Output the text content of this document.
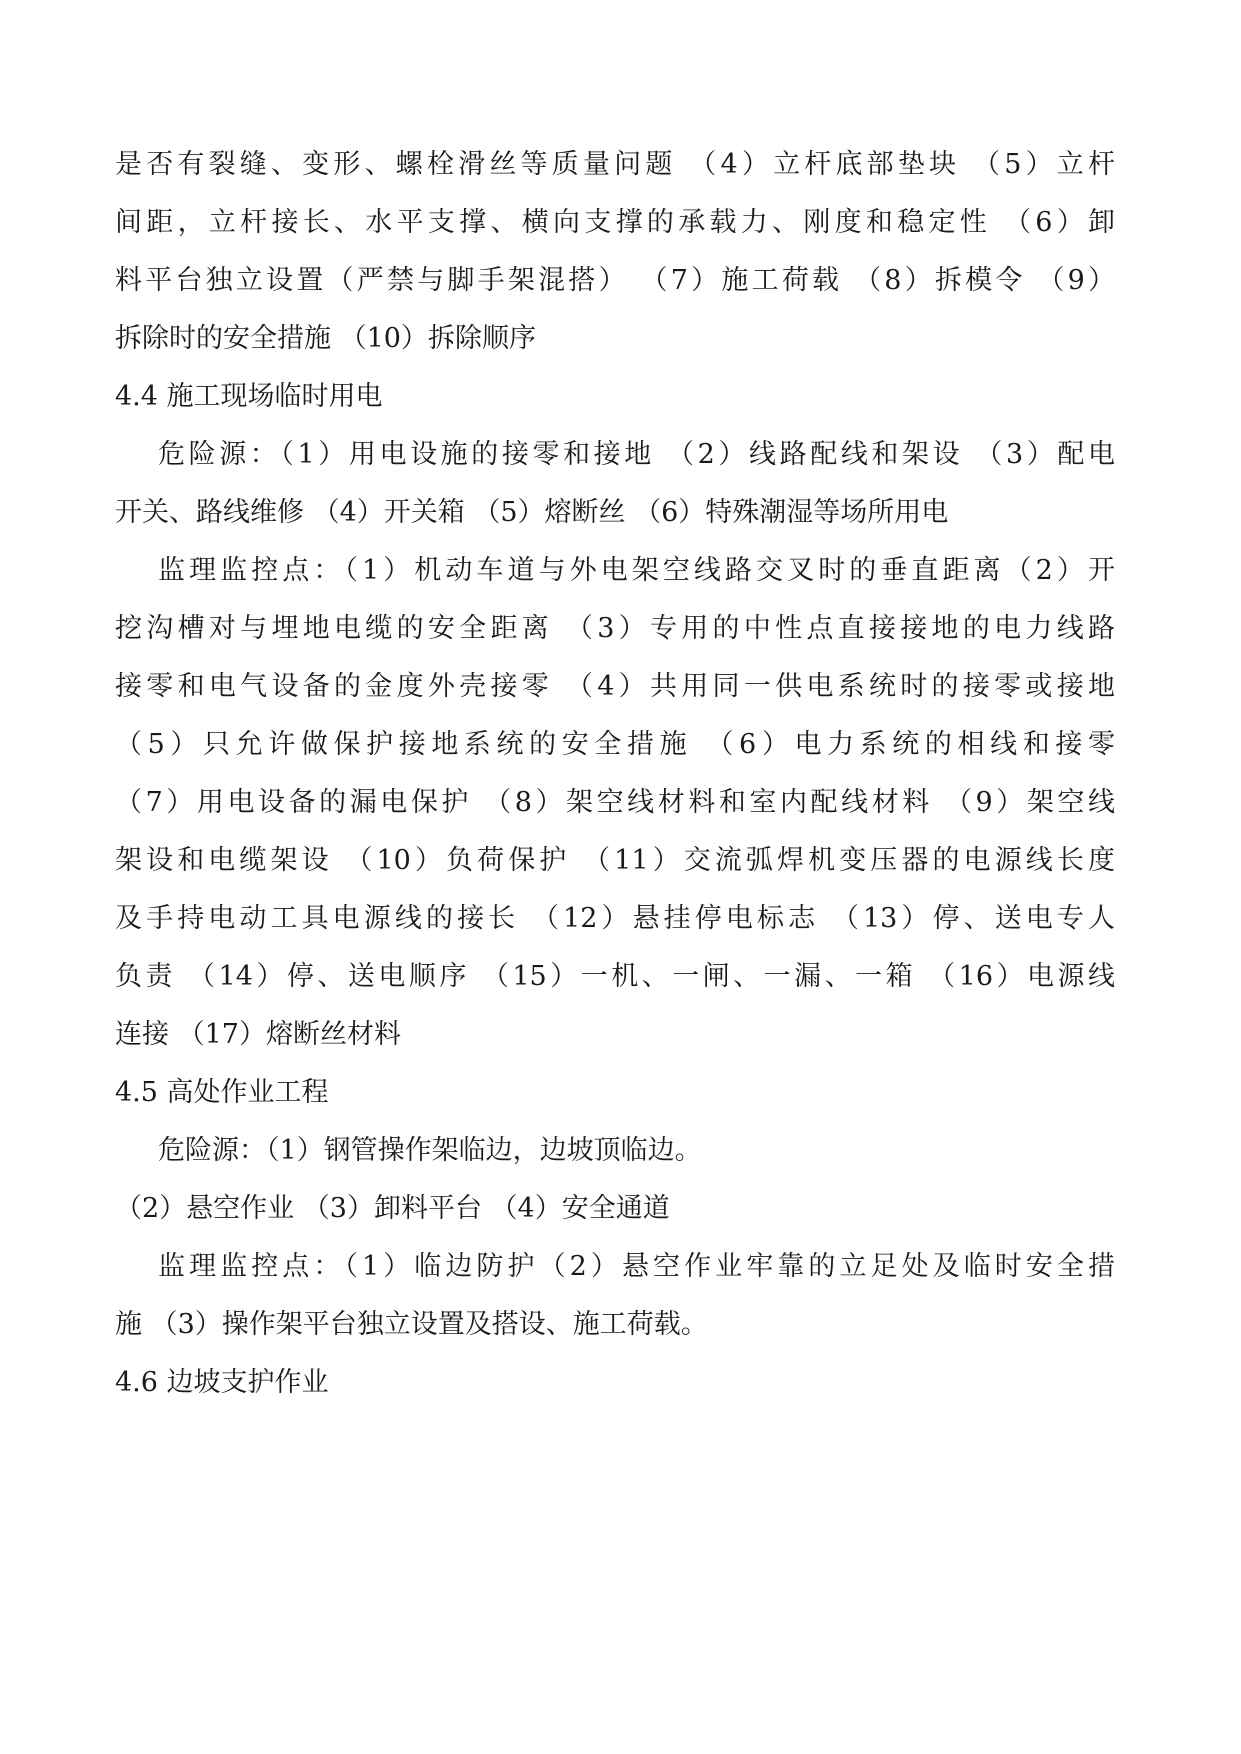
是否有裂缝、变形、螺栓滑丝等质量问题 （4）立杆底部垫块 （5）立杆
间距，立杆接长、水平支撑、横向支撑的承载力、刚度和稳定性 （6）卸
料平台独立设置（严禁与脚手架混搭） （7）施工荷载 （8）拆模令 （9）
拆除时的安全措施 （10）拆除顺序
4.4 施工现场临时用电
危险源：（1）用电设施的接零和接地 （2）线路配线和架设 （3）配电
开关、路线维修 （4）开关箱 （5）熔断丝 （6）特殊潮湿等场所用电
监理监控点：（1）机动车道与外电架空线路交叉时的垂直距离（2）开
挖沟槽对与埋地电缆的安全距离 （3）专用的中性点直接接地的电力线路
接零和电气设备的金度外壳接零 （4）共用同一供电系统时的接零或接地
（5）只允许做保护接地系统的安全措施 （6）电力系统的相线和接零
（7）用电设备的漏电保护 （8）架空线材料和室内配线材料 （9）架空线
架设和电缆架设 （10）负荷保护 （11）交流弧焊机变压器的电源线长度
及手持电动工具电源线的接长 （12）悬挂停电标志 （13）停、送电专人
负责 （14）停、送电顺序 （15）一机、一闸、一漏、一箱 （16）电源线
连接 （17）熔断丝材料
4.5 高处作业工程
危险源：（1）钢管操作架临边，边坡顶临边。
（2）悬空作业 （3）卸料平台 （4）安全通道
监理监控点：（1）临边防护（2）悬空作业牢靠的立足处及临时安全措
施 （3）操作架平台独立设置及搭设、施工荷载。
4.6 边坡支护作业
